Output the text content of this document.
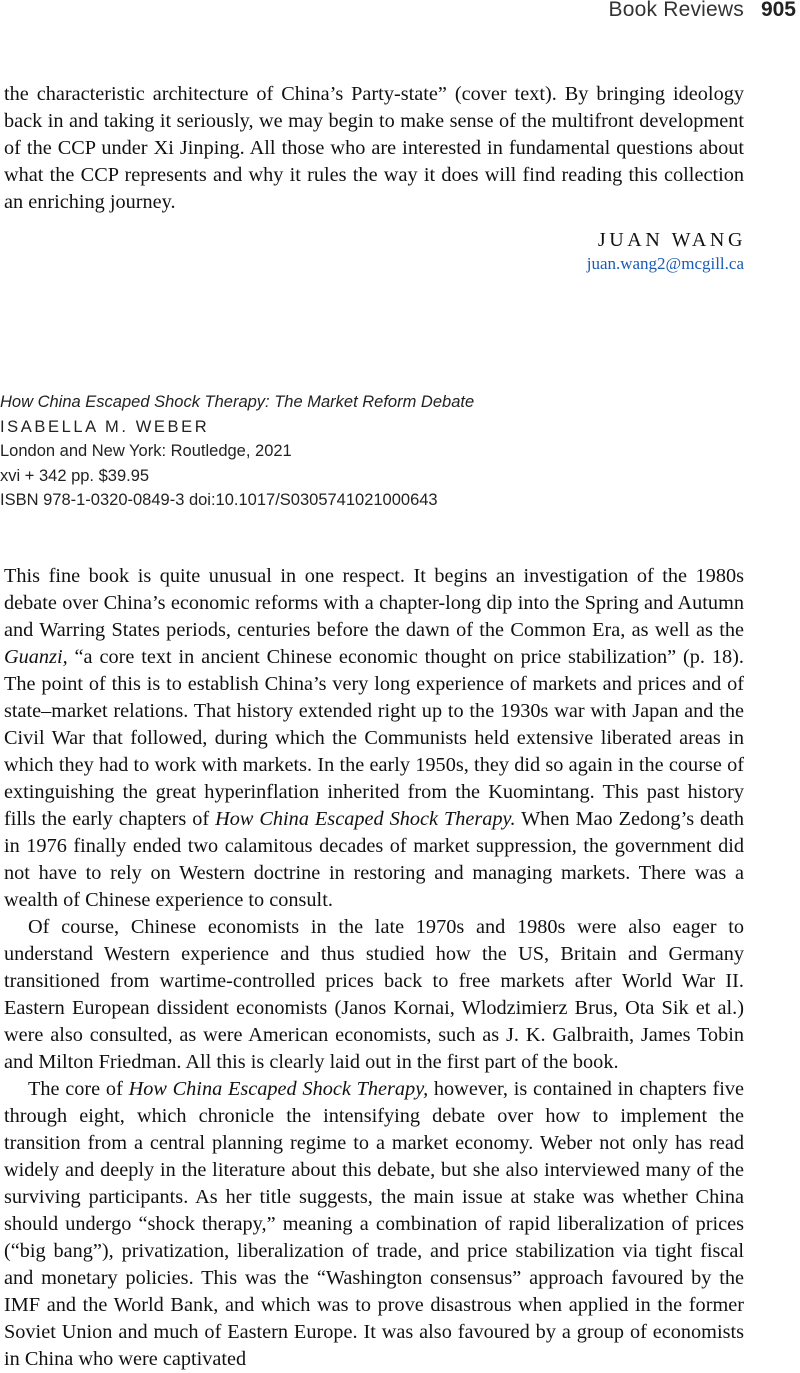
Book Reviews 905

the characteristic architecture of China’s Party-state” (cover text). By bringing ideology back in and taking it seriously, we may begin to make sense of the multifront development of the CCP under Xi Jinping. All those who are interested in fundamental questions about what the CCP represents and why it rules the way it does will find reading this collection an enriching journey.

JUAN WANG
juan.wang2@mcgill.ca
How China Escaped Shock Therapy: The Market Reform Debate
ISABELLA M. WEBER
London and New York: Routledge, 2021
xvi + 342 pp. $39.95
ISBN 978-1-0320-0849-3 doi:10.1017/S0305741021000643

This fine book is quite unusual in one respect. It begins an investigation of the 1980s debate over China’s economic reforms with a chapter-long dip into the Spring and Autumn and Warring States periods, centuries before the dawn of the Common Era, as well as the Guanzi, “a core text in ancient Chinese economic thought on price stabilization” (p. 18). The point of this is to establish China’s very long experience of markets and prices and of state–market relations. That history extended right up to the 1930s war with Japan and the Civil War that followed, during which the Communists held extensive liberated areas in which they had to work with markets. In the early 1950s, they did so again in the course of extinguishing the great hyperinflation inherited from the Kuomintang. This past history fills the early chapters of How China Escaped Shock Therapy. When Mao Zedong’s death in 1976 finally ended two calamitous decades of market suppression, the government did not have to rely on Western doctrine in restoring and managing markets. There was a wealth of Chinese experience to consult.

Of course, Chinese economists in the late 1970s and 1980s were also eager to understand Western experience and thus studied how the US, Britain and Germany transitioned from wartime-controlled prices back to free markets after World War II. Eastern European dissident economists (Janos Kornai, Wlodzimierz Brus, Ota Sik et al.) were also consulted, as were American economists, such as J. K. Galbraith, James Tobin and Milton Friedman. All this is clearly laid out in the first part of the book.

The core of How China Escaped Shock Therapy, however, is contained in chapters five through eight, which chronicle the intensifying debate over how to implement the transition from a central planning regime to a market economy. Weber not only has read widely and deeply in the literature about this debate, but she also interviewed many of the surviving participants. As her title suggests, the main issue at stake was whether China should undergo “shock therapy,” meaning a combination of rapid liberalization of prices (“big bang”), privatization, liberalization of trade, and price stabilization via tight fiscal and monetary policies. This was the “Washington consensus” approach favoured by the IMF and the World Bank, and which was to prove disastrous when applied in the former Soviet Union and much of Eastern Europe. It was also favoured by a group of economists in China who were captivated
